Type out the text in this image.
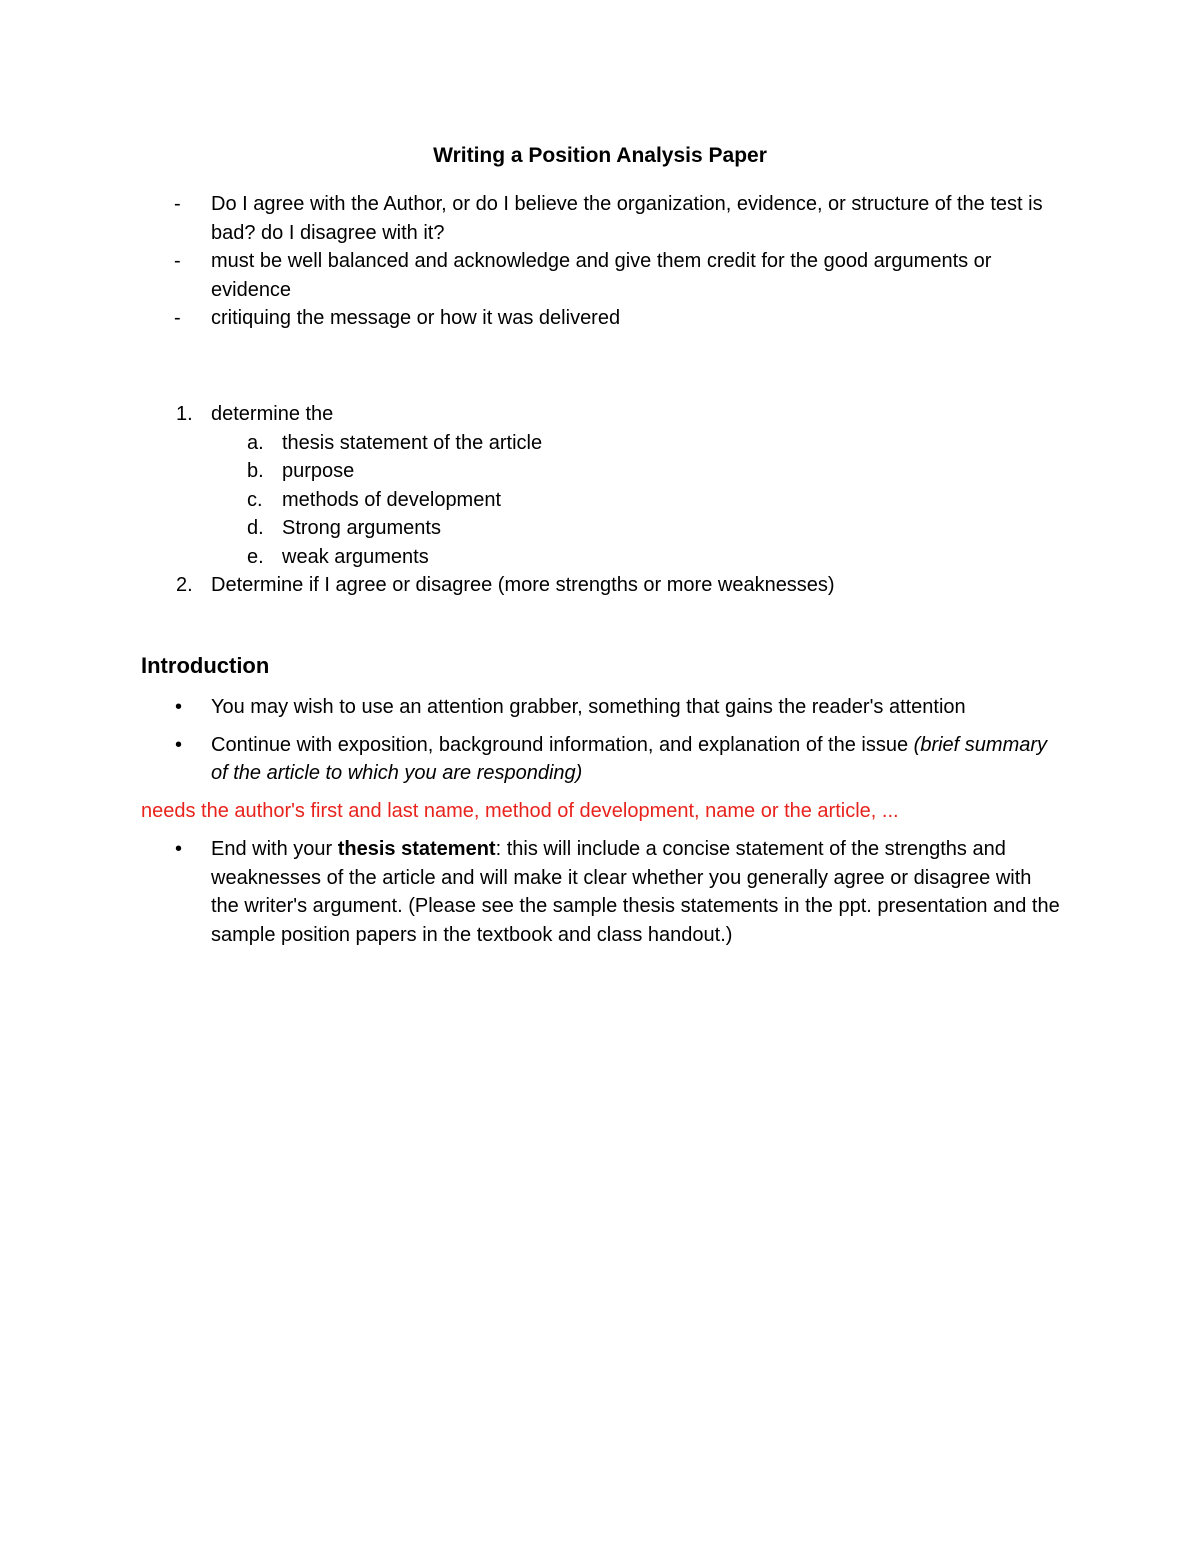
Writing a Position Analysis Paper
- Do I agree with the Author, or do I believe the organization, evidence, or structure of the test is bad? do I disagree with it?
- must be well balanced and acknowledge and give them credit for the good arguments or evidence
- critiquing the message or how it was delivered
1. determine the
a. thesis statement of the article
b. purpose
c. methods of development
d. Strong arguments
e. weak arguments
2. Determine if I agree or disagree (more strengths or more weaknesses)
Introduction
• You may wish to use an attention grabber, something that gains the reader's attention
• Continue with exposition, background information, and explanation of the issue (brief summary of the article to which you are responding)
needs the author's first and last name, method of development, name or the article, ...
• End with your thesis statement: this will include a concise statement of the strengths and weaknesses of the article and will make it clear whether you generally agree or disagree with the writer's argument. (Please see the sample thesis statements in the ppt. presentation and the sample position papers in the textbook and class handout.)
